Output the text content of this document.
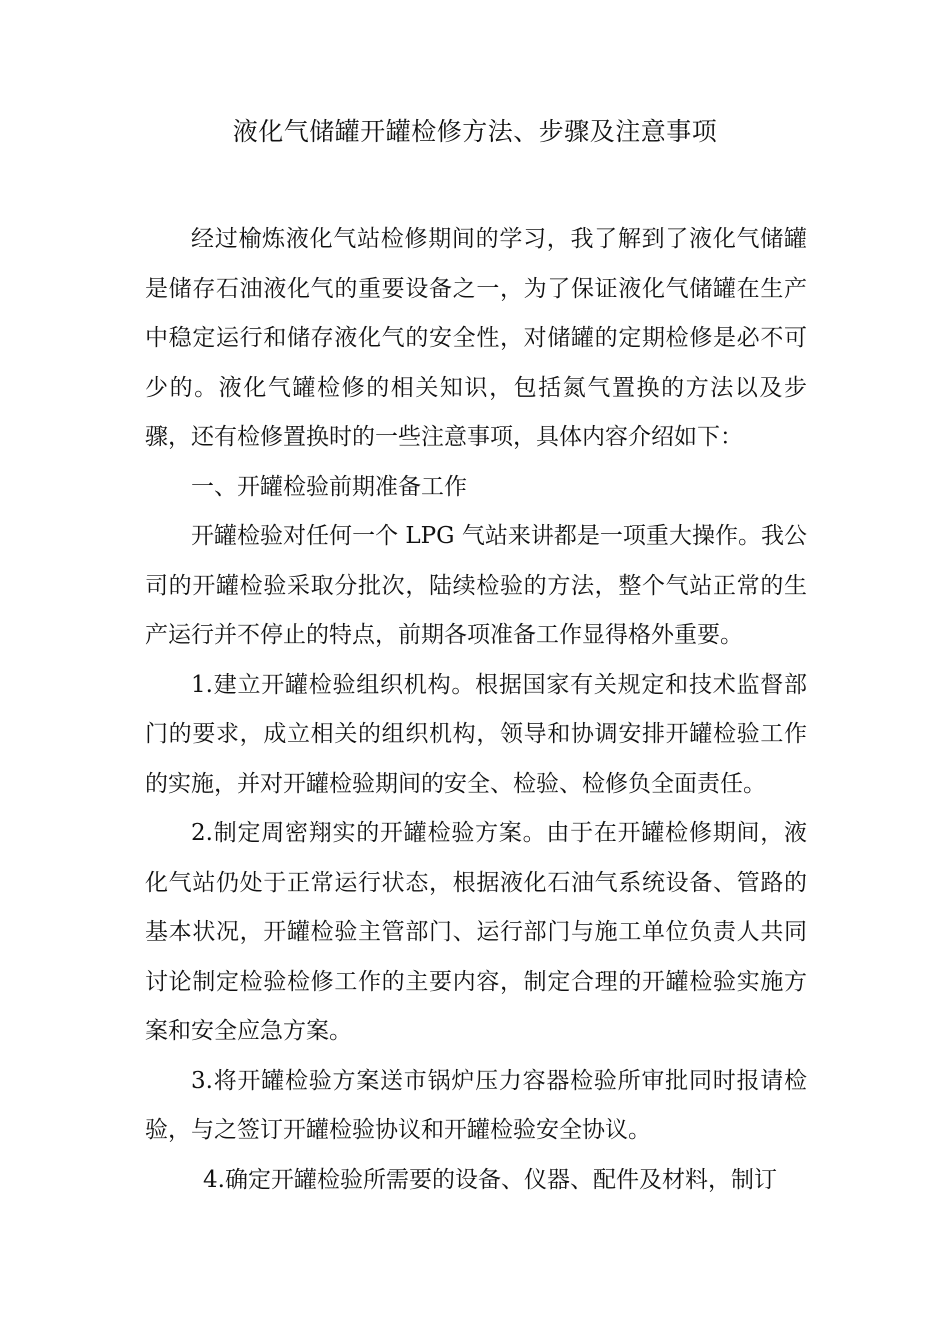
液化气储罐开罐检修方法、步骤及注意事项

经过榆炼液化气站检修期间的学习，我了解到了液化气储罐是储存石油液化气的重要设备之一，为了保证液化气储罐在生产中稳定运行和储存液化气的安全性，对储罐的定期检修是必不可少的。液化气罐检修的相关知识，包括氮气置换的方法以及步骤，还有检修置换时的一些注意事项，具体内容介绍如下：

一、开罐检验前期准备工作

开罐检验对任何一个 LPG 气站来讲都是一项重大操作。我公司的开罐检验采取分批次，陆续检验的方法，整个气站正常的生产运行并不停止的特点，前期各项准备工作显得格外重要。

1.建立开罐检验组织机构。根据国家有关规定和技术监督部门的要求，成立相关的组织机构，领导和协调安排开罐检验工作的实施，并对开罐检验期间的安全、检验、检修负全面责任。

2.制定周密翔实的开罐检验方案。由于在开罐检修期间，液化气站仍处于正常运行状态，根据液化石油气系统设备、管路的基本状况，开罐检验主管部门、运行部门与施工单位负责人共同讨论制定检验检修工作的主要内容，制定合理的开罐检验实施方案和安全应急方案。

3.将开罐检验方案送市锅炉压力容器检验所审批同时报请检验，与之签订开罐检验协议和开罐检验安全协议。

4.确定开罐检验所需要的设备、仪器、配件及材料，制订
